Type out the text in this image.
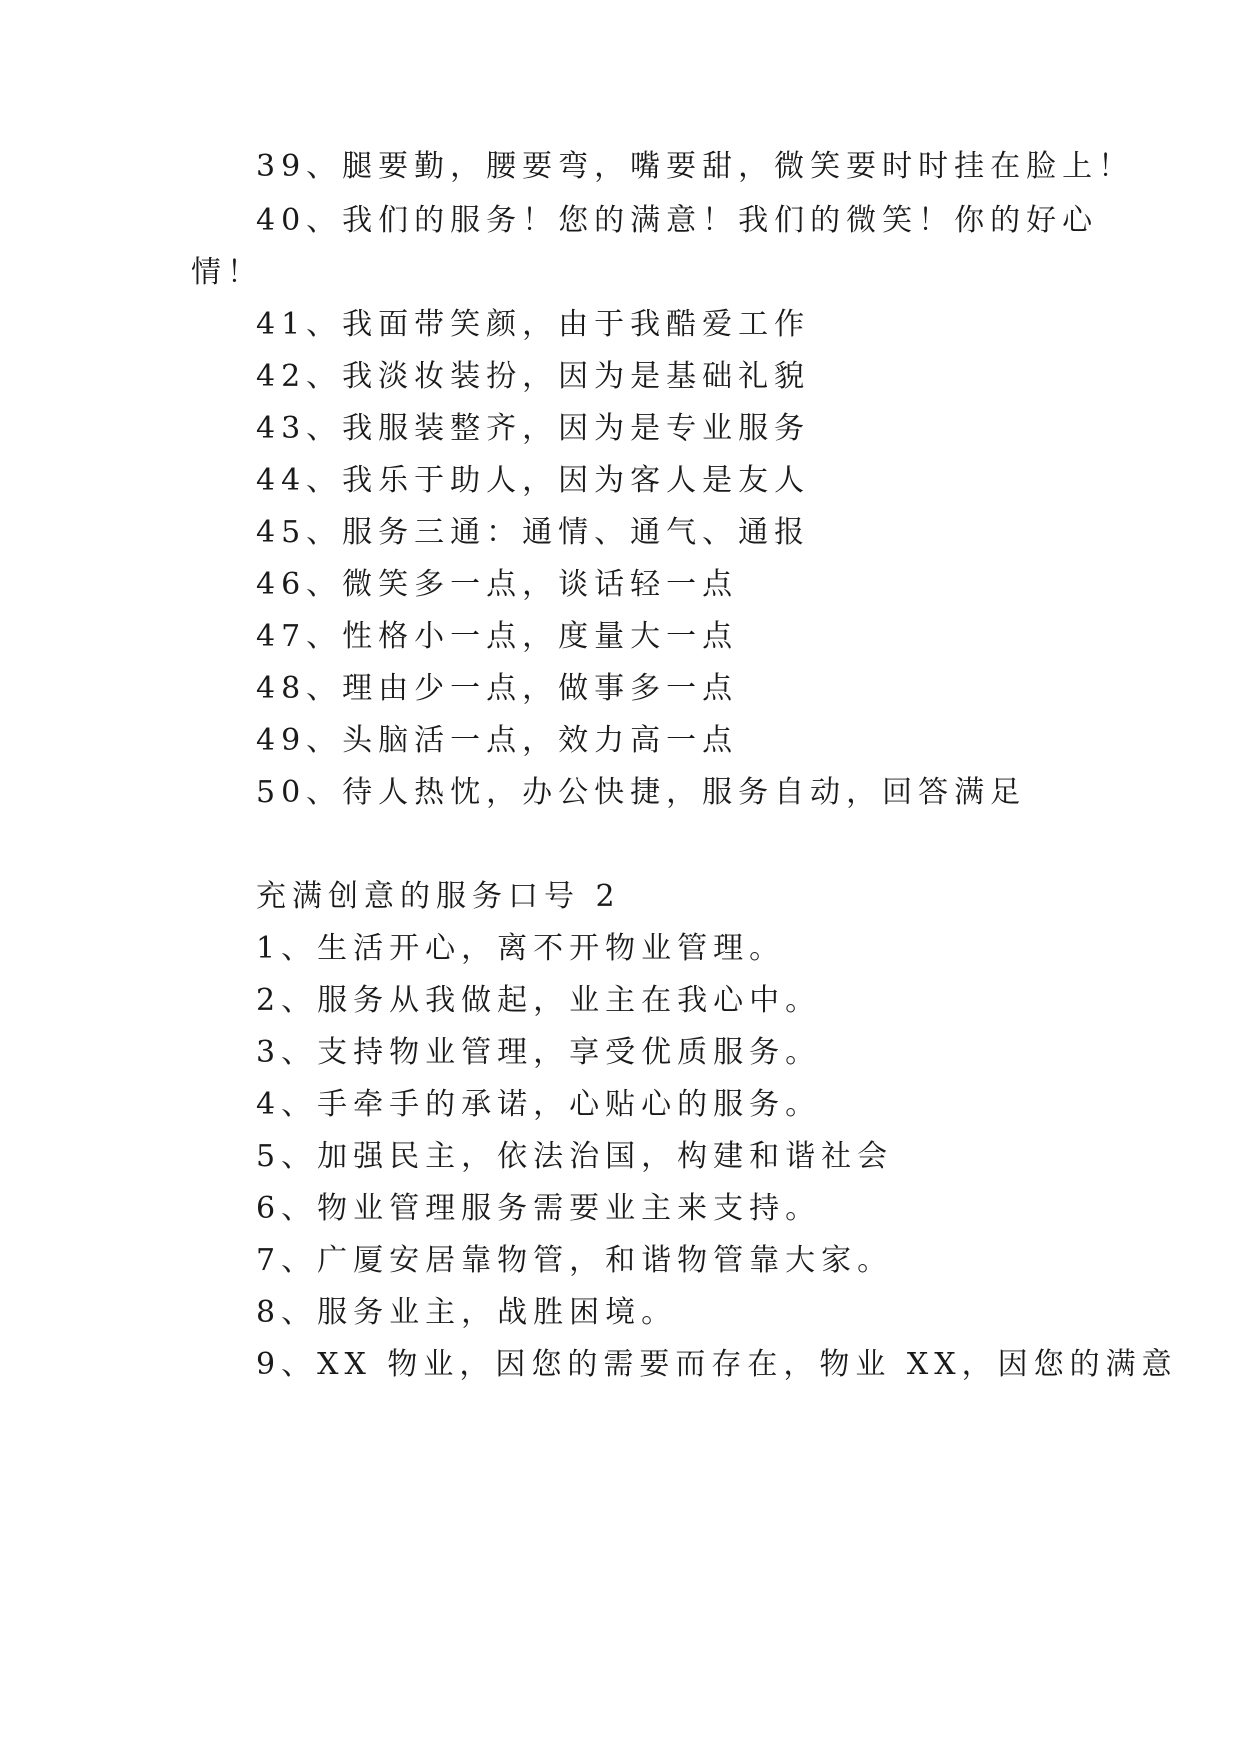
39、腿要勤，腰要弯，嘴要甜，微笑要时时挂在脸上！

40、我们的服务！您的满意！我们的微笑！你的好心

情！

41、我面带笑颜，由于我酷爱工作

42、我淡妆装扮，因为是基础礼貌

43、我服装整齐，因为是专业服务

44、我乐于助人，因为客人是友人

45、服务三通：通情、通气、通报

46、微笑多一点，谈话轻一点

47、性格小一点，度量大一点

48、理由少一点，做事多一点

49、头脑活一点，效力高一点

50、待人热忱，办公快捷，服务自动，回答满足

充满创意的服务口号 2

1、生活开心，离不开物业管理。

2、服务从我做起，业主在我心中。

3、支持物业管理，享受优质服务。

4、手牵手的承诺，心贴心的服务。

5、加强民主，依法治国，构建和谐社会

6、物业管理服务需要业主来支持。

7、广厦安居靠物管，和谐物管靠大家。

8、服务业主，战胜困境。

9、XX 物业，因您的需要而存在，物业 XX，因您的满意
